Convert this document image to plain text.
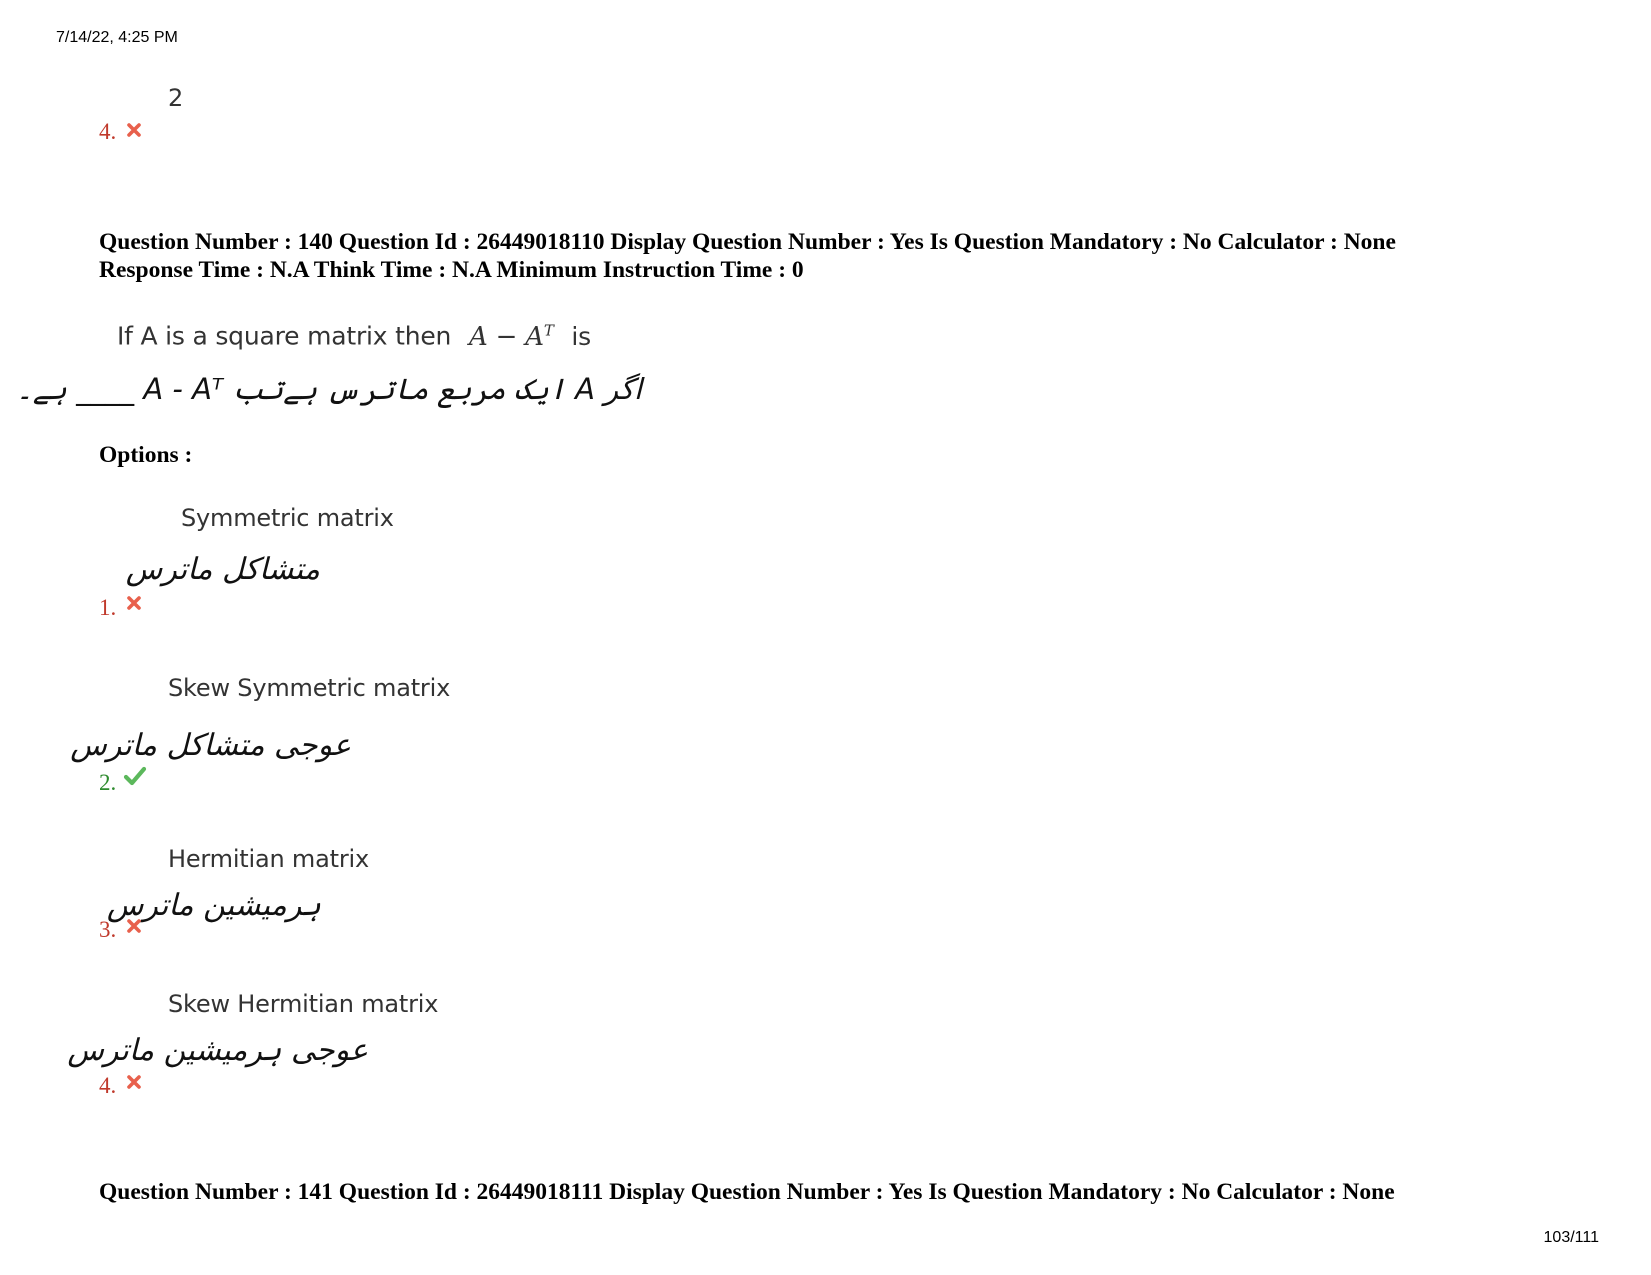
7/14/22, 4:25 PM
103/111
2
4.
Question Number : 140 Question Id : 26449018110 Display Question Number : Yes Is Question Mandatory : No Calculator : None
Response Time : N.A Think Time : N.A Minimum Instruction Time : 0
If A is a square matrix then $A - A^T$ is
اگر A ایک مربع ماترس ہےتب A - Aᵀ ____ ہے۔
Options :
Symmetric matrix
متشاکل ماترس
1.
Skew Symmetric matrix
عوجی متشاکل ماترس
2.
Hermitian matrix
ہرمیشین ماترس
3.
Skew Hermitian matrix
عوجی ہرمیشین ماترس
4.
Question Number : 141 Question Id : 26449018111 Display Question Number : Yes Is Question Mandatory : No Calculator : None
